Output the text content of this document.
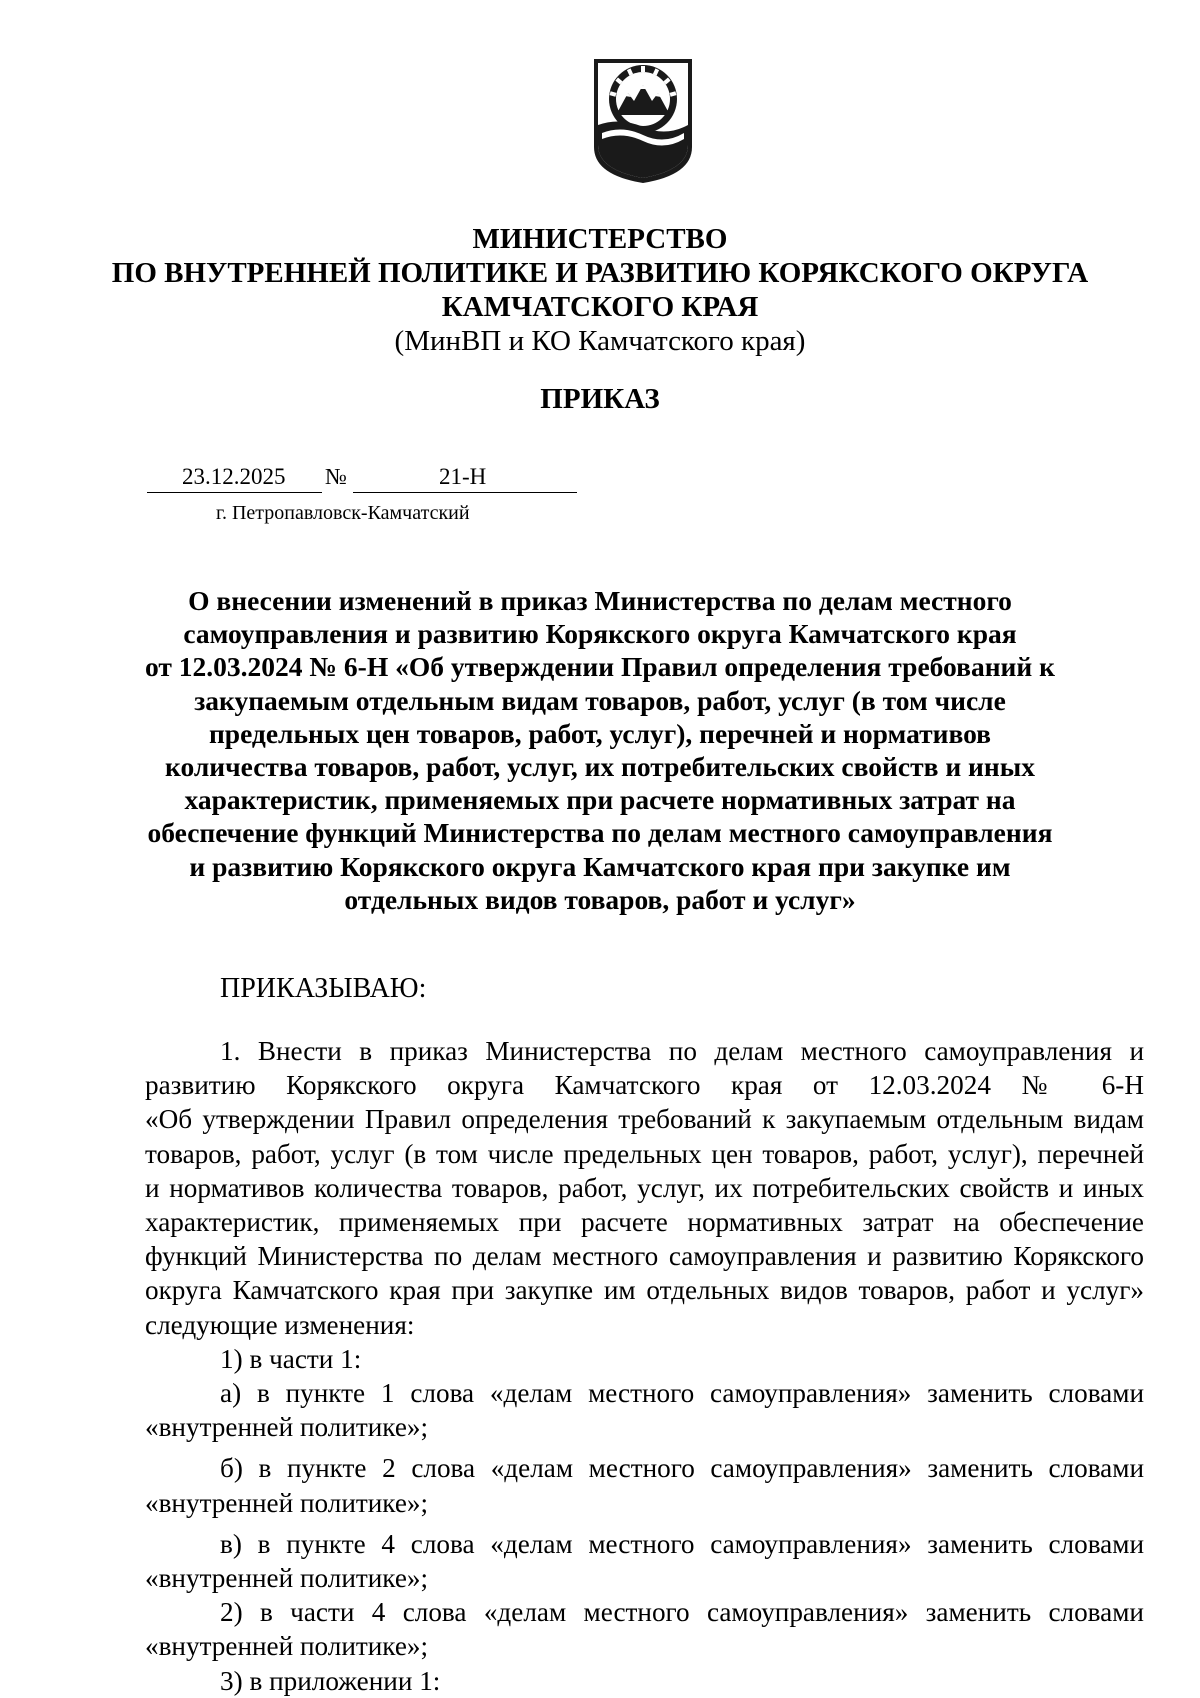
МИНИСТЕРСТВО

ПО ВНУТРЕННЕЙ ПОЛИТИКЕ И РАЗВИТИЮ КОРЯКСКОГО ОКРУГА

КАМЧАТСКОГО КРАЯ

(МинВП и КО Камчатского края)

ПРИКАЗ
23.12.2025 №	21-Н
г. Петропавловск-Камчатский

О внесении изменений в приказ Министерства по делам местного

самоуправления и развитию Корякского округа Камчатского края

от 12.03.2024 № 6-Н «Об утверждении Правил определения требований к

закупаемым отдельным видам товаров, работ, услуг (в том числе

предельных цен товаров, работ, услуг), перечней и нормативов

количества товаров, работ, услуг, их потребительских свойств и иных

характеристик, применяемых при расчете нормативных затрат на

обеспечение функций Министерства по делам местного самоуправления

и развитию Корякского округа Камчатского края при закупке им

отдельных видов товаров, работ и услуг»

ПРИКАЗЫВАЮ:

1. Внести в приказ Министерства по делам местного самоуправления и

развитию Корякского округа Камчатского края от 12.03.2024 № 6-Н

«Об утверждении Правил определения требований к закупаемым отдельным видам

товаров, работ, услуг (в том числе предельных цен товаров, работ, услуг), перечней

и нормативов количества товаров, работ, услуг, их потребительских свойств и иных

характеристик, применяемых при расчете нормативных затрат на обеспечение

функций Министерства по делам местного самоуправления и развитию Корякского

округа Камчатского края при закупке им отдельных видов товаров, работ и услуг»

следующие изменения:

1) в части 1:

а) в пункте 1 слова «делам местного самоуправления» заменить словами

«внутренней политике»;

б) в пункте 2 слова «делам местного самоуправления» заменить словами

«внутренней политике»;

в) в пункте 4 слова «делам местного самоуправления» заменить словами

«внутренней политике»;

2) в части 4 слова «делам местного самоуправления» заменить словами

«внутренней политике»;

3) в приложении 1:
